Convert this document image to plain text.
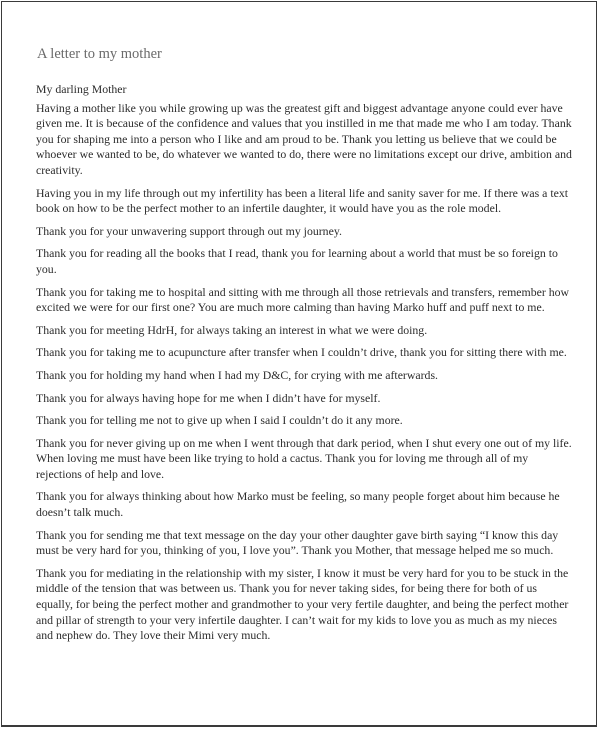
A letter to my mother

My darling Mother

Having a mother like you while growing up was the greatest gift and biggest advantage anyone could ever have given me. It is because of the confidence and values that you instilled in me that made me who I am today. Thank you for shaping me into a person who I like and am proud to be. Thank you letting us believe that we could be whoever we wanted to be, do whatever we wanted to do, there were no limitations except our drive, ambition and creativity.

Having you in my life through out my infertility has been a literal life and sanity saver for me. If there was a text book on how to be the perfect mother to an infertile daughter, it would have you as the role model.

Thank you for your unwavering support through out my journey.

Thank you for reading all the books that I read, thank you for learning about a world that must be so foreign to you.

Thank you for taking me to hospital and sitting with me through all those retrievals and transfers, remember how excited we were for our first one? You are much more calming than having Marko huff and puff next to me.

Thank you for meeting HdrH, for always taking an interest in what we were doing.

Thank you for taking me to acupuncture after transfer when I couldn’t drive, thank you for sitting there with me.

Thank you for holding my hand when I had my D&C, for crying with me afterwards.

Thank you for always having hope for me when I didn’t have for myself.

Thank you for telling me not to give up when I said I couldn’t do it any more.

Thank you for never giving up on me when I went through that dark period, when I shut every one out of my life. When loving me must have been like trying to hold a cactus. Thank you for loving me through all of my rejections of help and love.

Thank you for always thinking about how Marko must be feeling, so many people forget about him because he doesn’t talk much.

Thank you for sending me that text message on the day your other daughter gave birth saying “I know this day must be very hard for you, thinking of you, I love you”. Thank you Mother, that message helped me so much.

Thank you for mediating in the relationship with my sister, I know it must be very hard for you to be stuck in the middle of the tension that was between us. Thank you for never taking sides, for being there for both of us equally, for being the perfect mother and grandmother to your very fertile daughter, and being the perfect mother and pillar of strength to your very infertile daughter. I can’t wait for my kids to love you as much as my nieces and nephew do. They love their Mimi very much.
